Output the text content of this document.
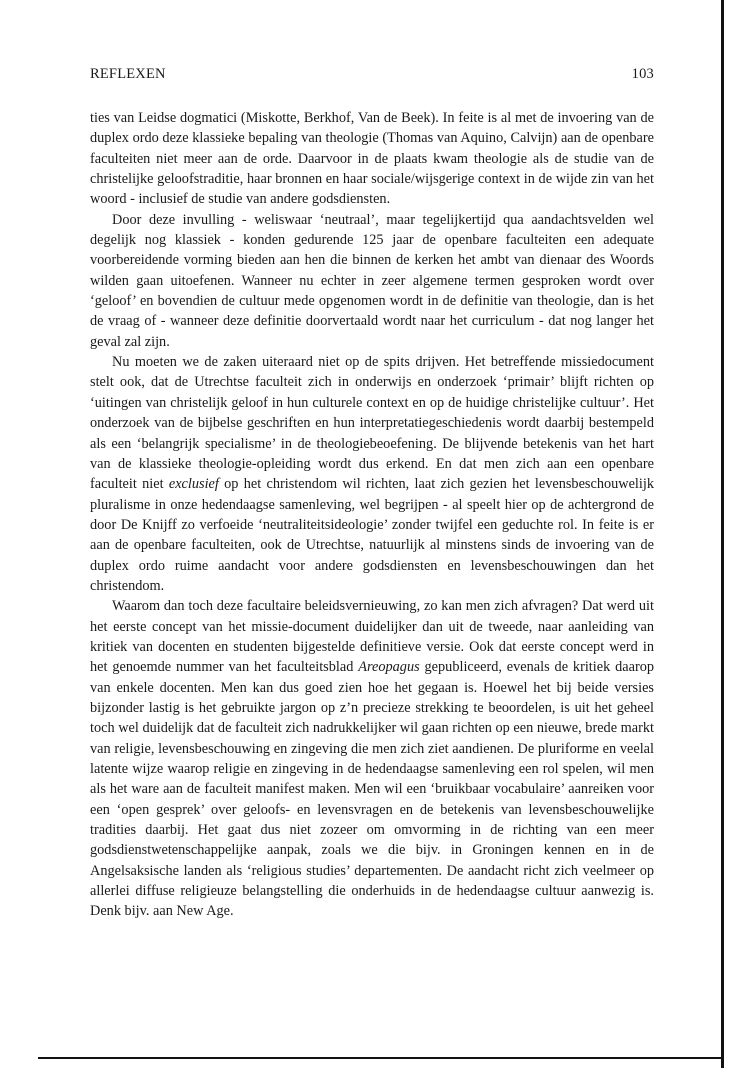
REFLEXEN	103

ties van Leidse dogmatici (Miskotte, Berkhof, Van de Beek). In feite is al met de invoering van de duplex ordo deze klassieke bepaling van theologie (Thomas van Aquino, Calvijn) aan de openbare faculteiten niet meer aan de orde. Daarvoor in de plaats kwam theologie als de studie van de christelijke geloofstraditie, haar bronnen en haar sociale/wijsgerige context in de wijde zin van het woord - inclusief de studie van andere godsdiensten.

Door deze invulling - weliswaar ‘neutraal’, maar tegelijkertijd qua aandachtsvelden wel degelijk nog klassiek - konden gedurende 125 jaar de openbare faculteiten een adequate voorbereidende vorming bieden aan hen die binnen de kerken het ambt van dienaar des Woords wilden gaan uitoefenen. Wanneer nu echter in zeer algemene termen gesproken wordt over ‘geloof’ en bovendien de cultuur mede opgenomen wordt in de definitie van theologie, dan is het de vraag of - wanneer deze definitie doorvertaald wordt naar het curriculum - dat nog langer het geval zal zijn.

Nu moeten we de zaken uiteraard niet op de spits drijven. Het betreffende missiedocument stelt ook, dat de Utrechtse faculteit zich in onderwijs en onderzoek ‘primair’ blijft richten op ‘uitingen van christelijk geloof in hun culturele context en op de huidige christelijke cultuur’. Het onderzoek van de bijbelse geschriften en hun interpretatiegeschiedenis wordt daarbij bestempeld als een ‘belangrijk specialisme’ in de theologiebeoefening. De blijvende betekenis van het hart van de klassieke theologie-opleiding wordt dus erkend. En dat men zich aan een openbare faculteit niet exclusief op het christendom wil richten, laat zich gezien het levensbeschouwelijk pluralisme in onze hedendaagse samenleving, wel begrijpen - al speelt hier op de achtergrond de door De Knijff zo verfoeide ‘neutraliteitsideologie’ zonder twijfel een geduchte rol. In feite is er aan de openbare faculteiten, ook de Utrechtse, natuurlijk al minstens sinds de invoering van de duplex ordo ruime aandacht voor andere godsdiensten en levensbeschouwingen dan het christendom.

Waarom dan toch deze facultaire beleidsvernieuwing, zo kan men zich afvragen? Dat werd uit het eerste concept van het missie-document duidelijker dan uit de tweede, naar aanleiding van kritiek van docenten en studenten bijgestelde definitieve versie. Ook dat eerste concept werd in het genoemde nummer van het faculteitsblad Areopagus gepubliceerd, evenals de kritiek daarop van enkele docenten. Men kan dus goed zien hoe het gegaan is. Hoewel het bij beide versies bijzonder lastig is het gebruikte jargon op z’n precieze strekking te beoordelen, is uit het geheel toch wel duidelijk dat de faculteit zich nadrukkelijker wil gaan richten op een nieuwe, brede markt van religie, levensbeschouwing en zingeving die men zich ziet aandienen. De pluriforme en veelal latente wijze waarop religie en zingeving in de hedendaagse samenleving een rol spelen, wil men als het ware aan de faculteit manifest maken. Men wil een ‘bruikbaar vocabulaire’ aanreiken voor een ‘open gesprek’ over geloofs- en levensvragen en de betekenis van levensbeschouwelijke tradities daarbij. Het gaat dus niet zozeer om omvorming in de richting van een meer godsdienstwetenschappelijke aanpak, zoals we die bijv. in Groningen kennen en in de Angelsaksische landen als ‘religious studies’ departementen. De aandacht richt zich veelmeer op allerlei diffuse religieuze belangstelling die onderhuids in de hedendaagse cultuur aanwezig is. Denk bijv. aan New Age.
